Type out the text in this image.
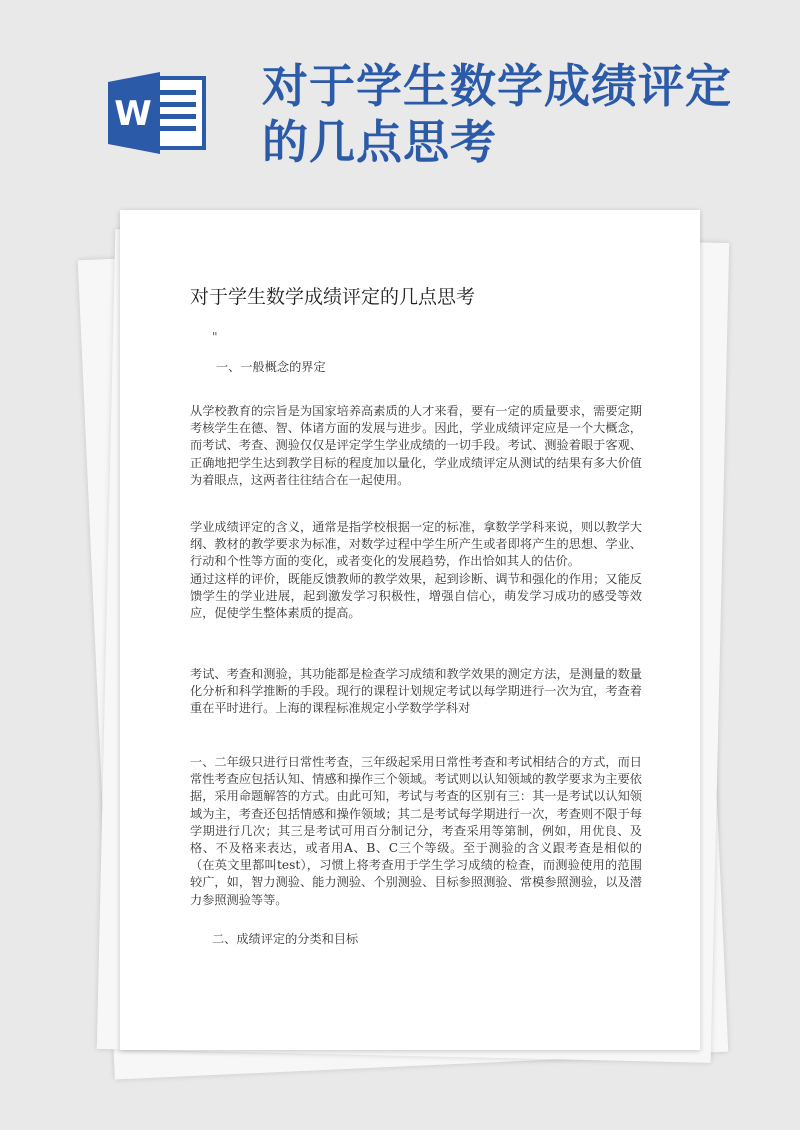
W
对于学生数学成绩评定
的几点思考
对于学生数学成绩评定的几点思考
"
一、一般概念的界定
从学校教育的宗旨是为国家培养高素质的人才来看，要有一定的质量要求，需要定期考核学生在德、智、体诸方面的发展与进步。因此，学业成绩评定应是一个大概念，而考试、考查、测验仅仅是评定学生学业成绩的一切手段。考试、测验着眼于客观、正确地把学生达到教学目标的程度加以量化，学业成绩评定从测试的结果有多大价值为着眼点，这两者往往结合在一起使用。
学业成绩评定的含义，通常是指学校根据一定的标准，拿数学学科来说，则以教学大纲、教材的教学要求为标准，对数学过程中学生所产生或者即将产生的思想、学业、行动和个性等方面的变化，或者变化的发展趋势，作出恰如其人的估价。
通过这样的评价，既能反馈教师的教学效果，起到诊断、调节和强化的作用；又能反馈学生的学业进展，起到激发学习积极性，增强自信心，萌发学习成功的感受等效应，促使学生整体素质的提高。
考试、考查和测验，其功能都是检查学习成绩和教学效果的测定方法，是测量的数量化分析和科学推断的手段。现行的课程计划规定考试以每学期进行一次为宜，考查着重在平时进行。上海的课程标准规定小学数学学科对
一、二年级只进行日常性考查，三年级起采用日常性考查和考试相结合的方式，而日常性考查应包括认知、情感和操作三个领域。考试则以认知领域的教学要求为主要依据，采用命题解答的方式。由此可知，考试与考查的区别有三：其一是考试以认知领域为主，考查还包括情感和操作领域；其二是考试每学期进行一次，考查则不限于每学期进行几次；其三是考试可用百分制记分，考查采用等第制，例如，用优良、及格、不及格来表达，或者用A、B、C三个等级。至于测验的含义跟考查是相似的（在英文里都叫test），习惯上将考查用于学生学习成绩的检查，而测验使用的范围较广，如，智力测验、能力测验、个别测验、目标参照测验、常模参照测验，以及潜力参照测验等等。
二、成绩评定的分类和目标
